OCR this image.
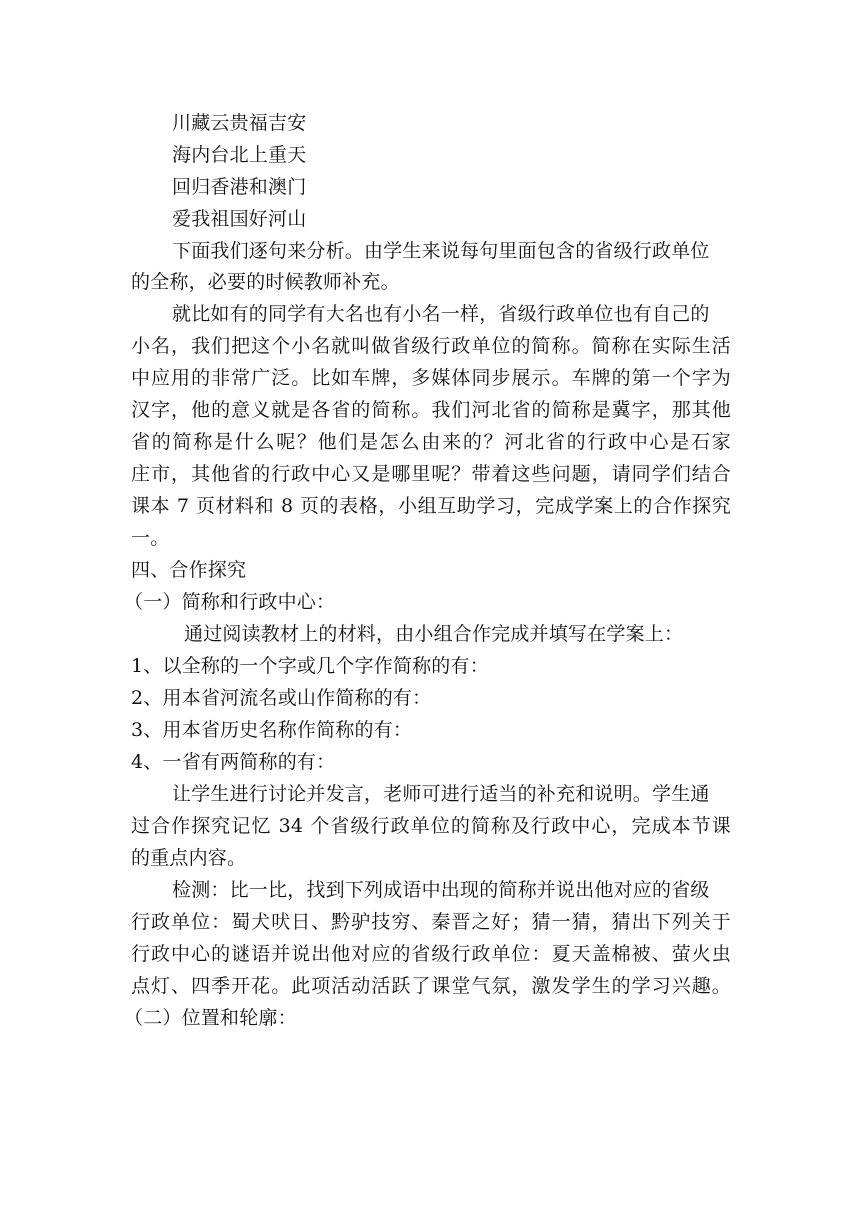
川藏云贵福吉安
海内台北上重天
回归香港和澳门
爱我祖国好河山
下面我们逐句来分析。由学生来说每句里面包含的省级行政单位
的全称，必要的时候教师补充。
就比如有的同学有大名也有小名一样，省级行政单位也有自己的
小名，我们把这个小名就叫做省级行政单位的简称。简称在实际生活
中应用的非常广泛。比如车牌，多媒体同步展示。车牌的第一个字为
汉字，他的意义就是各省的简称。我们河北省的简称是冀字，那其他
省的简称是什么呢？他们是怎么由来的？河北省的行政中心是石家
庄市，其他省的行政中心又是哪里呢？带着这些问题，请同学们结合
课本 7 页材料和 8 页的表格，小组互助学习，完成学案上的合作探究
一。
四、合作探究
（一）简称和行政中心：
通过阅读教材上的材料，由小组合作完成并填写在学案上：
1、以全称的一个字或几个字作简称的有：
2、用本省河流名或山作简称的有：
3、用本省历史名称作简称的有：
4、一省有两简称的有：
让学生进行讨论并发言，老师可进行适当的补充和说明。学生通
过合作探究记忆 34 个省级行政单位的简称及行政中心，完成本节课
的重点内容。
检测：比一比，找到下列成语中出现的简称并说出他对应的省级
行政单位：蜀犬吠日、黔驴技穷、秦晋之好；猜一猜，猜出下列关于
行政中心的谜语并说出他对应的省级行政单位：夏天盖棉被、萤火虫
点灯、四季开花。此项活动活跃了课堂气氛，激发学生的学习兴趣。
（二）位置和轮廓：
